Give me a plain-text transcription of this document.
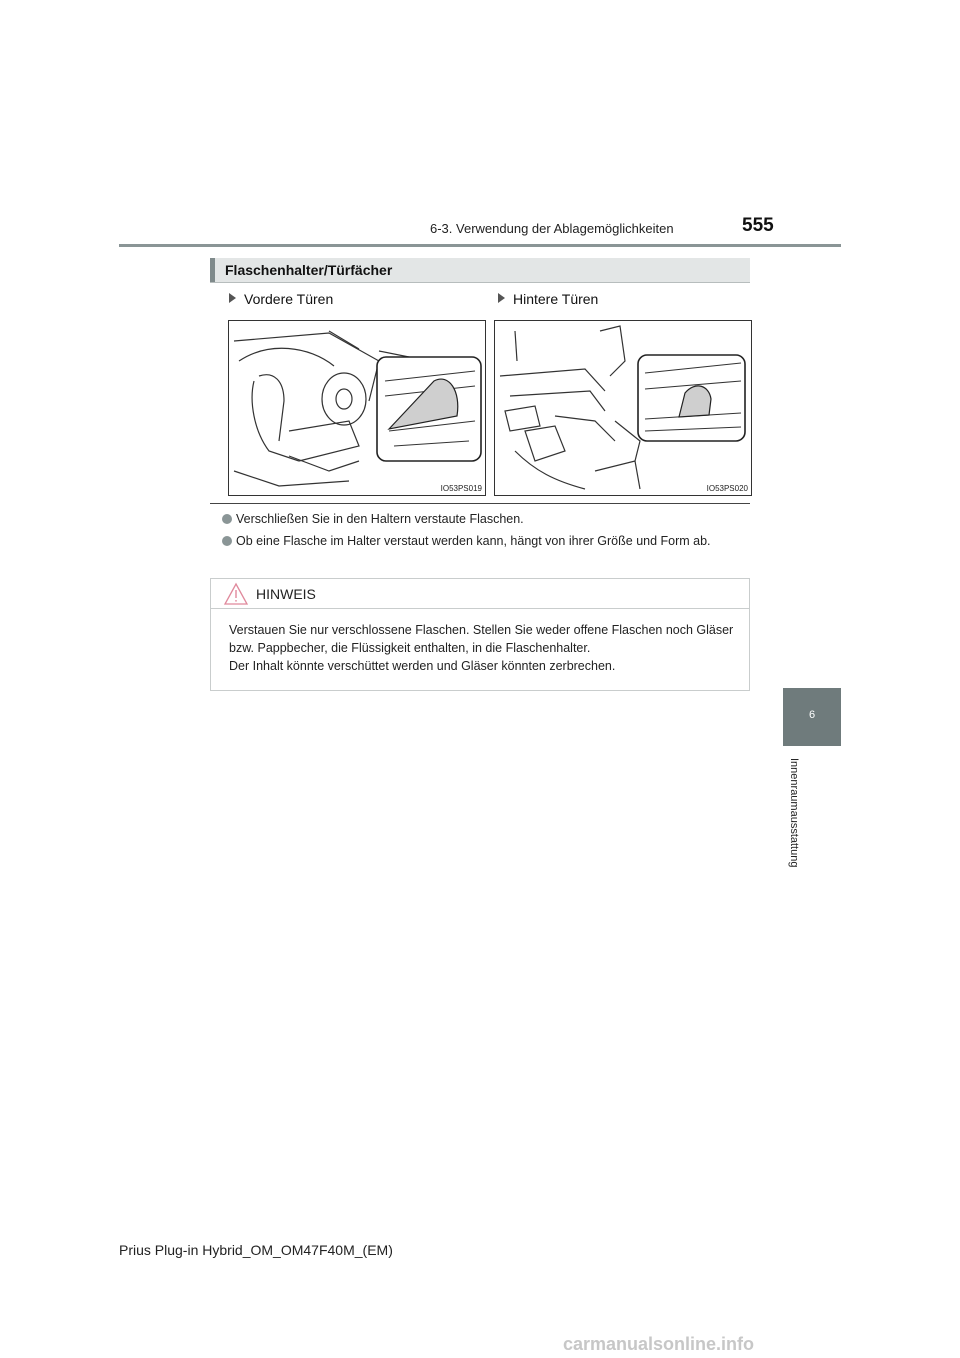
6-3. Verwendung der Ablagemöglichkeiten	555
Flaschenhalter/Türfächer
Vordere Türen	Hintere Türen
IO53PS019	IO53PS020
Verschließen Sie in den Haltern verstaute Flaschen.
Ob eine Flasche im Halter verstaut werden kann, hängt von ihrer Größe und Form ab.
HINWEIS
Verstauen Sie nur verschlossene Flaschen. Stellen Sie weder offene Flaschen noch Gläser bzw. Pappbecher, die Flüssigkeit enthalten, in die Flaschenhalter.
Der Inhalt könnte verschüttet werden und Gläser könnten zerbrechen.
6
Innenraumausstattung
Prius Plug-in Hybrid_OM_OM47F40M_(EM)
carmanualsonline.info
